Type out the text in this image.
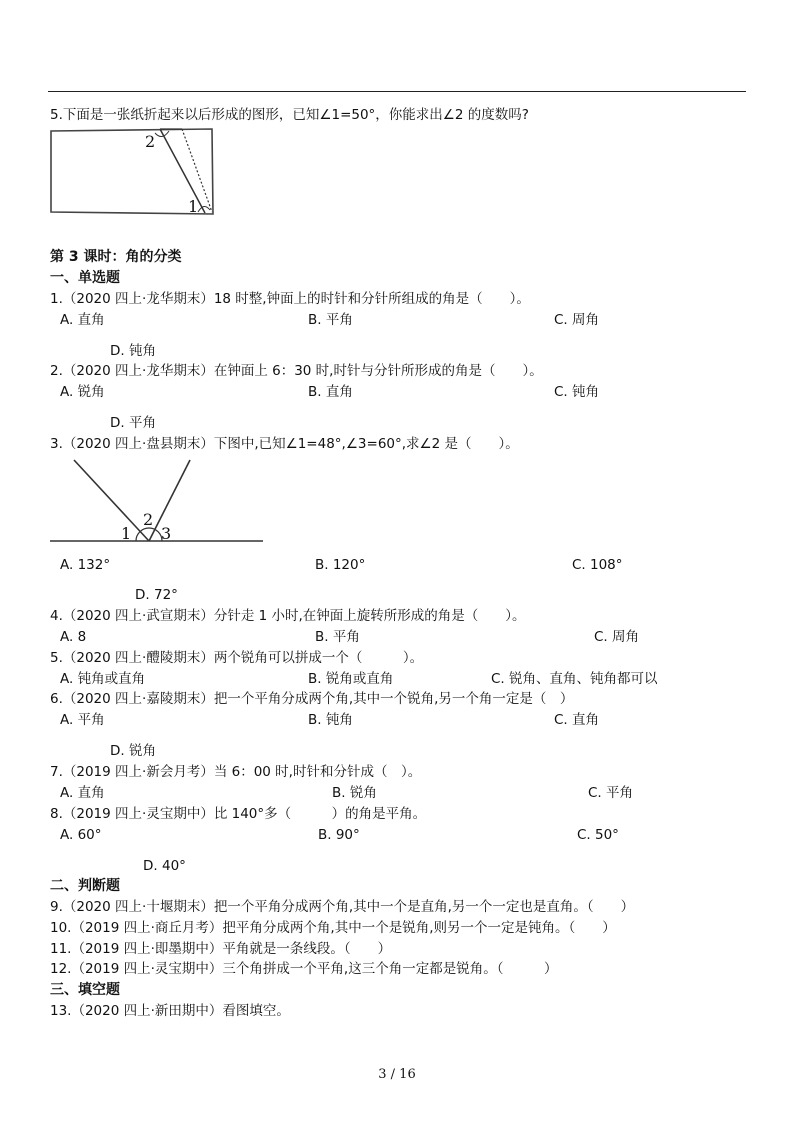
5.下面是一张纸折起来以后形成的图形，已知∠1=50°，你能求出∠2 的度数吗?
2
1
第 3 课时：角的分类
一、单选题
1.（2020 四上·龙华期末）18 时整,钟面上的时针和分针所组成的角是（　　）。
A. 直角	B. 平角	C. 周角
D. 钝角
2.（2020 四上·龙华期末）在钟面上 6：30 时,时针与分针所形成的角是（　　）。
A. 锐角	B. 直角	C. 钝角
D. 平角
3.（2020 四上·盘县期末）下图中,已知∠1=48°,∠3=60°,求∠2 是（　　）。
1
2
3
A. 132°	B. 120°	C. 108°
D. 72°
4.（2020 四上·武宣期末）分针走 1 小时,在钟面上旋转所形成的角是（　　）。
A. 8	B. 平角	C. 周角
5.（2020 四上·醴陵期末）两个锐角可以拼成一个（　　　）。
A. 钝角或直角	B. 锐角或直角	C. 锐角、直角、钝角都可以
6.（2020 四上·嘉陵期末）把一个平角分成两个角,其中一个锐角,另一个角一定是（　）
A. 平角	B. 钝角	C. 直角
D. 锐角
7.（2019 四上·新会月考）当 6：00 时,时针和分针成（　）。
A. 直角	B. 锐角	C. 平角
8.（2019 四上·灵宝期中）比 140°多（　　　）的角是平角。
A. 60°	B. 90°	C. 50°
D. 40°
二、判断题
9.（2020 四上·十堰期末）把一个平角分成两个角,其中一个是直角,另一个一定也是直角。（　　）
10.（2019 四上·商丘月考）把平角分成两个角,其中一个是锐角,则另一个一定是钝角。（　　）
11.（2019 四上·即墨期中）平角就是一条线段。（　　）
12.（2019 四上·灵宝期中）三个角拼成一个平角,这三个角一定都是锐角。（　　　）
三、填空题
13.（2020 四上·新田期中）看图填空。
3 / 16
